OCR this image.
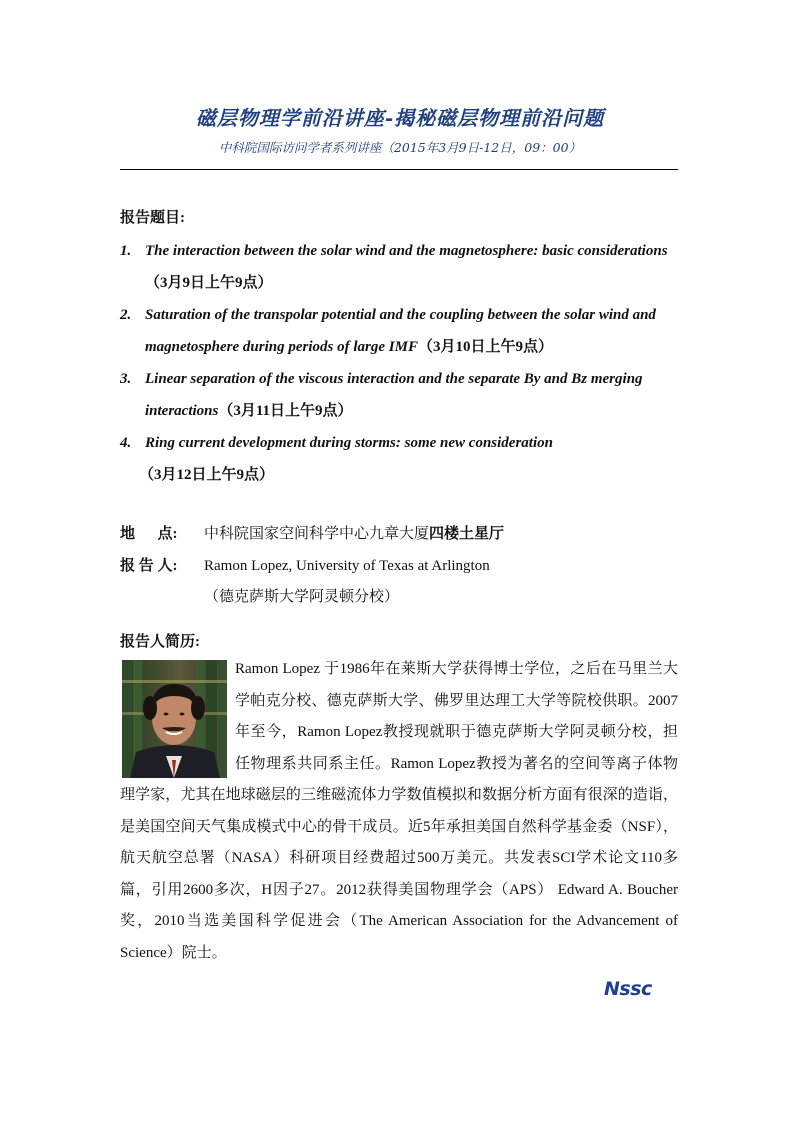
磁层物理学前沿讲座-揭秘磁层物理前沿问题
中科院国际访问学者系列讲座（2015年3月9日-12日，09：00）
报告题目:
1. The interaction between the solar wind and the magnetosphere: basic considerations（3月9日上午9点）
2. Saturation of the transpolar potential and the coupling between the solar wind and magnetosphere during periods of large IMF（3月10日上午9点）
3. Linear separation of the viscous interaction and the separate By and Bz merging interactions（3月11日上午9点）
4. Ring current development during storms: some new consideration
（3月12日上午9点）
地      点: 中科院国家空间科学中心九章大厦四楼土星厅
报 告 人: Ramon Lopez, University of Texas at Arlington
（德克萨斯大学阿灵顿分校）
报告人简历:

Ramon Lopez 于1986年在莱斯大学获得博士学位，之后在马里兰大学帕克分校、德克萨斯大学、佛罗里达理工大学等院校供职。2007年至今，Ramon Lopez教授现就职于德克萨斯大学阿灵顿分校，担任物理系共同系主任。Ramon Lopez教授为著名的空间等离子体物理学家，尤其在地球磁层的三维磁流体力学数值模拟和数据分析方面有很深的造诣，是美国空间天气集成模式中心的骨干成员。近5年承担美国自然科学基金委（NSF），航天航空总署（NASA）科研项目经费超过500万美元。共发表SCI学术论文110多篇，引用2600多次，H因子27。2012获得美国物理学会（APS） Edward A. Boucher奖，2010当选美国科学促进会（The American Association for the Advancement of Science）院士。

Nssc
